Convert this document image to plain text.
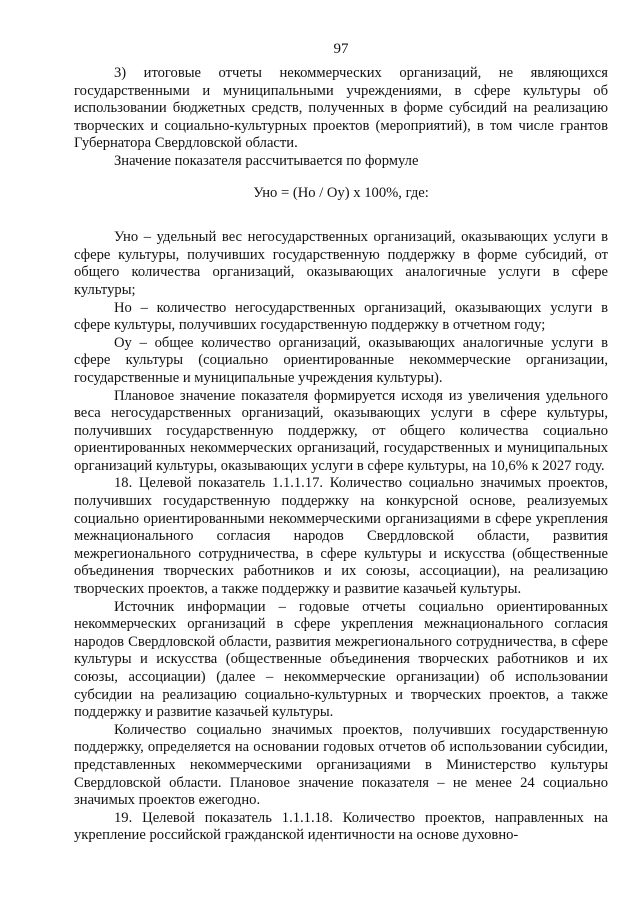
97

3) итоговые отчеты некоммерческих организаций, не являющихся государственными и муниципальными учреждениями, в сфере культуры об использовании бюджетных средств, полученных в форме субсидий на реализацию творческих и социально-культурных проектов (мероприятий), в том числе грантов Губернатора Свердловской области.

Значение показателя рассчитывается по формуле

Уно = (Но / Оу) х 100%, где:

Уно – удельный вес негосударственных организаций, оказывающих услуги в сфере культуры, получивших государственную поддержку в форме субсидий, от общего количества организаций, оказывающих аналогичные услуги в сфере культуры;

Но – количество негосударственных организаций, оказывающих услуги в сфере культуры, получивших государственную поддержку в отчетном году;

Оу – общее количество организаций, оказывающих аналогичные услуги в сфере культуры (социально ориентированные некоммерческие организации, государственные и муниципальные учреждения культуры).

Плановое значение показателя формируется исходя из увеличения удельного веса негосударственных организаций, оказывающих услуги в сфере культуры, получивших государственную поддержку, от общего количества социально ориентированных некоммерческих организаций, государственных и муниципальных организаций культуры, оказывающих услуги в сфере культуры, на 10,6% к 2027 году.

18. Целевой показатель 1.1.1.17. Количество социально значимых проектов, получивших государственную поддержку на конкурсной основе, реализуемых социально ориентированными некоммерческими организациями в сфере укрепления межнационального согласия народов Свердловской области, развития межрегионального сотрудничества, в сфере культуры и искусства (общественные объединения творческих работников и их союзы, ассоциации), на реализацию творческих проектов, а также поддержку и развитие казачьей культуры.

Источник информации – годовые отчеты социально ориентированных некоммерческих организаций в сфере укрепления межнационального согласия народов Свердловской области, развития межрегионального сотрудничества, в сфере культуры и искусства (общественные объединения творческих работников и их союзы, ассоциации) (далее – некоммерческие организации) об использовании субсидии на реализацию социально-культурных и творческих проектов, а также поддержку и развитие казачьей культуры.

Количество социально значимых проектов, получивших государственную поддержку, определяется на основании годовых отчетов об использовании субсидии, представленных некоммерческими организациями в Министерство культуры Свердловской области. Плановое значение показателя – не менее 24 социально значимых проектов ежегодно.

19. Целевой показатель 1.1.1.18. Количество проектов, направленных на укрепление российской гражданской идентичности на основе духовно-
